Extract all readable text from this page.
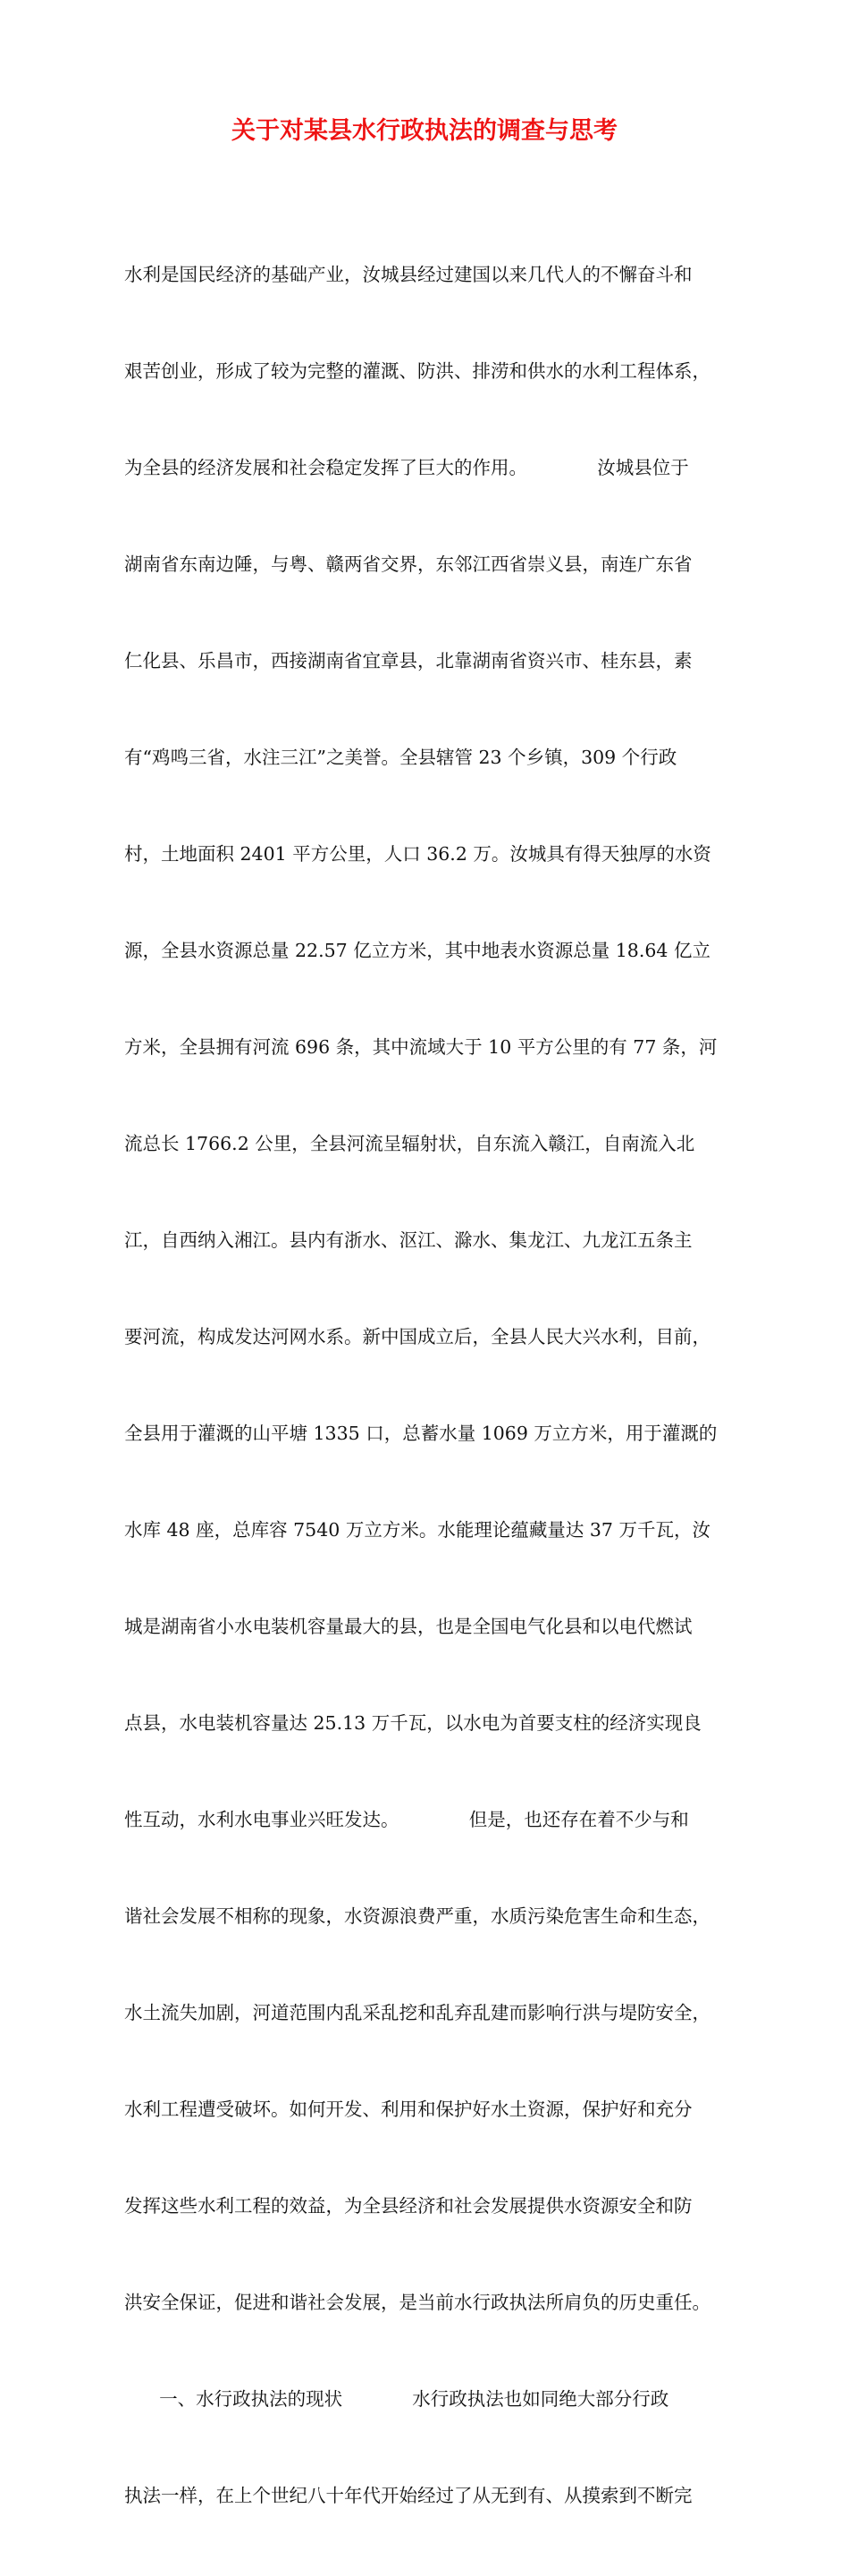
关于对某县水行政执法的调查与思考

水利是国民经济的基础产业，汝城县经过建国以来几代人的不懈奋斗和

艰苦创业，形成了较为完整的灌溉、防洪、排涝和供水的水利工程体系，

为全县的经济发展和社会稳定发挥了巨大的作用。            汝城县位于

湖南省东南边陲，与粤、赣两省交界，东邻江西省崇义县，南连广东省

仁化县、乐昌市，西接湖南省宜章县，北靠湖南省资兴市、桂东县，素

有“鸡鸣三省，水注三江”之美誉。全县辖管 23 个乡镇，309 个行政

村，土地面积 2401 平方公里，人口 36.2 万。汝城具有得天独厚的水资

源，全县水资源总量 22.57 亿立方米，其中地表水资源总量 18.64 亿立

方米，全县拥有河流 696 条，其中流域大于 10 平方公里的有 77 条，河

流总长 1766.2 公里，全县河流呈辐射状，自东流入赣江，自南流入北

江，自西纳入湘江。县内有浙水、沤江、滁水、集龙江、九龙江五条主

要河流，构成发达河网水系。新中国成立后，全县人民大兴水利，目前，

全县用于灌溉的山平塘 1335 口，总蓄水量 1069 万立方米，用于灌溉的

水库 48 座，总库容 7540 万立方米。水能理论蕴藏量达 37 万千瓦，汝

城是湖南省小水电装机容量最大的县，也是全国电气化县和以电代燃试

点县，水电装机容量达 25.13 万千瓦，以水电为首要支柱的经济实现良

性互动，水利水电事业兴旺发达。            但是，也还存在着不少与和

谐社会发展不相称的现象，水资源浪费严重，水质污染危害生命和生态，

水土流失加剧，河道范围内乱采乱挖和乱弃乱建而影响行洪与堤防安全，

水利工程遭受破坏。如何开发、利用和保护好水土资源，保护好和充分

发挥这些水利工程的效益，为全县经济和社会发展提供水资源安全和防

洪安全保证，促进和谐社会发展，是当前水行政执法所肩负的历史重任。

一、水行政执法的现状            水行政执法也如同绝大部分行政

执法一样，在上个世纪八十年代开始经过了从无到有、从摸索到不断完
